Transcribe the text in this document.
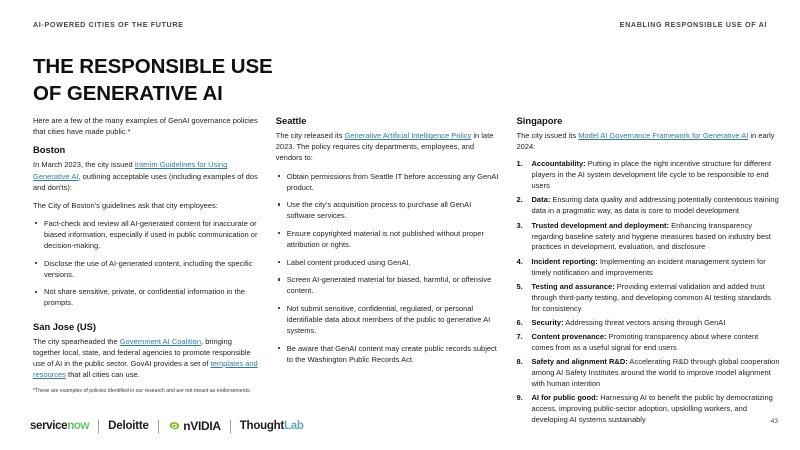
AI-POWERED CITIES OF THE FUTURE	ENABLING RESPONSIBLE USE OF AI
THE RESPONSIBLE USE
OF GENERATIVE AI

Here are a few of the many examples of GenAI governance policies that cities have made public.*

Boston

In March 2023, the city issued Interim Guidelines for Using Generative AI, outlining acceptable uses (including examples of dos and don'ts):

The City of Boston's guidelines ask that city employees:

Fact-check and review all AI-generated content for inaccurate or biased information, especially if used in public communication or decision-making.
Disclose the use of AI-generated content, including the specific versions.
Not share sensitive, private, or confidential information in the prompts.
San Jose (US)

The city spearheaded the Government AI Coalition, bringing together local, state, and federal agencies to promote responsible use of AI in the public sector. GovAI provides a set of templates and resources that all cities can use.

Seattle

The city released its Generative Artificial Intelligence Policy in late 2023. The policy requires city departments, employees, and vendors to:

Obtain permissions from Seattle IT before accessing any GenAI product.
Use the city's acquisition process to purchase all GenAI software services.
Ensure copyrighted material is not published without proper attribution or rights.
Label content produced using GenAI.
Screen AI-generated material for biased, harmful, or offensive content.
Not submit sensitive, confidential, regulated, or personal identifiable data about members of the public to generative AI systems.
Be aware that GenAI content may create public records subject to the Washington Public Records Act.
Singapore

The city issued its Model AI Governance Framework for Generative AI in early 2024:

Accountability: Putting in place the right incentive structure for different players in the AI system development life cycle to be responsible to end users
Data: Ensuring data quality and addressing potentially contentious training data in a pragmatic way, as data is core to model development
Trusted development and deployment: Enhancing transparency regarding baseline safety and hygiene measures based on industry best practices in development, evaluation, and disclosure
Incident reporting: Implementing an incident management system for timely notification and improvements
Testing and assurance: Providing external validation and added trust through third-party testing, and developing common AI testing standards for consistency
Security: Addressing threat vectors arising through GenAI
Content provenance: Promoting transparency about where content comes from as a useful signal for end users
Safety and alignment R&D: Accelerating R&D through global cooperation among AI Safety Institutes around the world to improve model alignment with human intention
AI for public good: Harnessing AI to benefit the public by democratizing access, improving public-sector adoption, upskilling workers, and developing AI systems sustainably
*These are examples of policies identified in our research and are not meant as endorsements.
servicenow Deloitte	nVIDIA ThoughtLab	43
